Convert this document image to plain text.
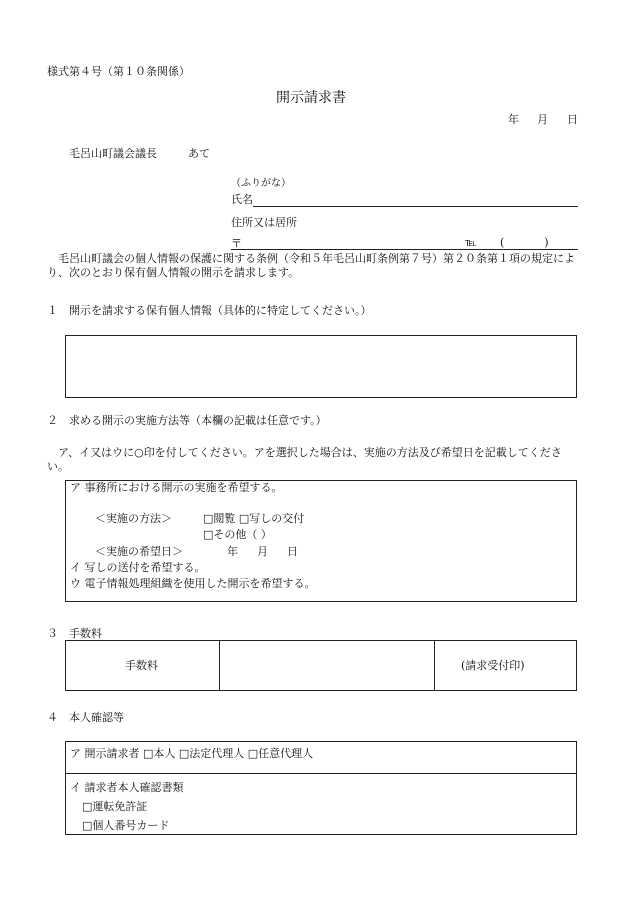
様式第４号（第１０条関係）
開示請求書
年 月 日
毛呂山町議会議長	あて
（ふりがな）
氏名
住所又は居所
〒	℡ (　　)
毛呂山町議会の個人情報の保護に関する条例（令和５年毛呂山町条例第７号）第２０条第１項の規定により、次のとおり保有個人情報の開示を請求します。
１　開示を請求する保有個人情報（具体的に特定してください。）
２　求める開示の実施方法等（本欄の記載は任意です。）
ア、イ又はウに○印を付してください。アを選択した場合は、実施の方法及び希望日を記載してください。
ア 事務所における開示の実施を希望する。
＜実施の方法＞	□閲覧 □写しの交付
□その他（ ）
＜実施の希望日＞	年 月 日
イ 写しの送付を希望する。
ウ 電子情報処理組織を使用した開示を希望する。
３　手数料
手数料	(請求受付印)
４　本人確認等
ア 開示請求者 □本人 □法定代理人 □任意代理人
イ 請求者本人確認書類
□運転免許証
□個人番号カード
